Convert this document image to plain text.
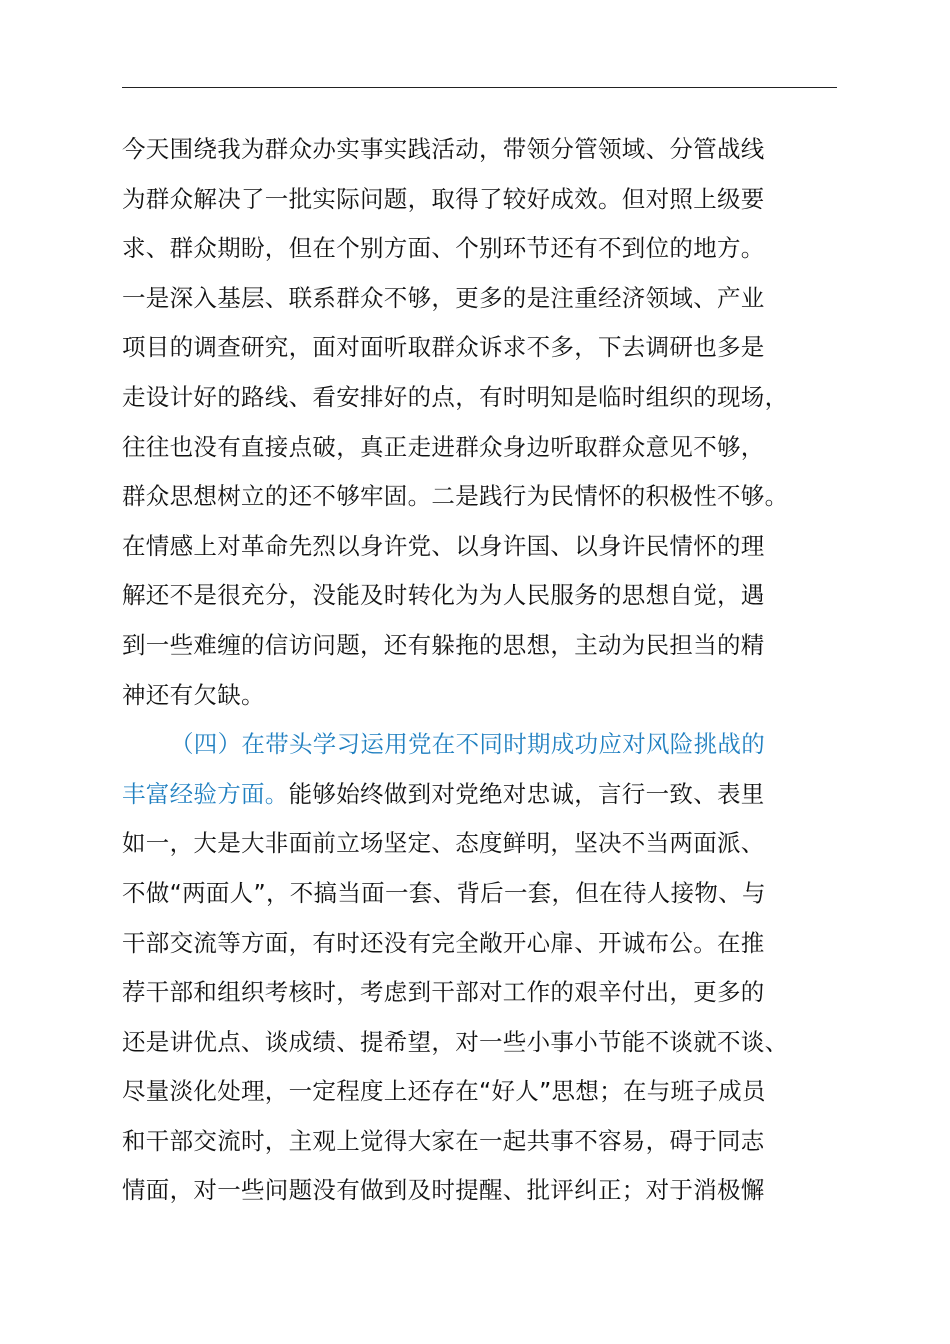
今天围绕我为群众办实事实践活动，带领分管领域、分管战线
为群众解决了一批实际问题，取得了较好成效。但对照上级要
求、群众期盼，但在个别方面、个别环节还有不到位的地方。
一是深入基层、联系群众不够，更多的是注重经济领域、产业
项目的调查研究，面对面听取群众诉求不多，下去调研也多是
走设计好的路线、看安排好的点，有时明知是临时组织的现场，
往往也没有直接点破，真正走进群众身边听取群众意见不够，
群众思想树立的还不够牢固。二是践行为民情怀的积极性不够。
在情感上对革命先烈以身许党、以身许国、以身许民情怀的理
解还不是很充分，没能及时转化为为人民服务的思想自觉，遇
到一些难缠的信访问题，还有躲拖的思想，主动为民担当的精
神还有欠缺。
（四）在带头学习运用党在不同时期成功应对风险挑战的
丰富经验方面。能够始终做到对党绝对忠诚，言行一致、表里
如一，大是大非面前立场坚定、态度鲜明，坚决不当两面派、
不做“两面人”，不搞当面一套、背后一套，但在待人接物、与
干部交流等方面，有时还没有完全敞开心扉、开诚布公。在推
荐干部和组织考核时，考虑到干部对工作的艰辛付出，更多的
还是讲优点、谈成绩、提希望，对一些小事小节能不谈就不谈、
尽量淡化处理，一定程度上还存在“好人”思想；在与班子成员
和干部交流时，主观上觉得大家在一起共事不容易，碍于同志
情面，对一些问题没有做到及时提醒、批评纠正；对于消极懈
